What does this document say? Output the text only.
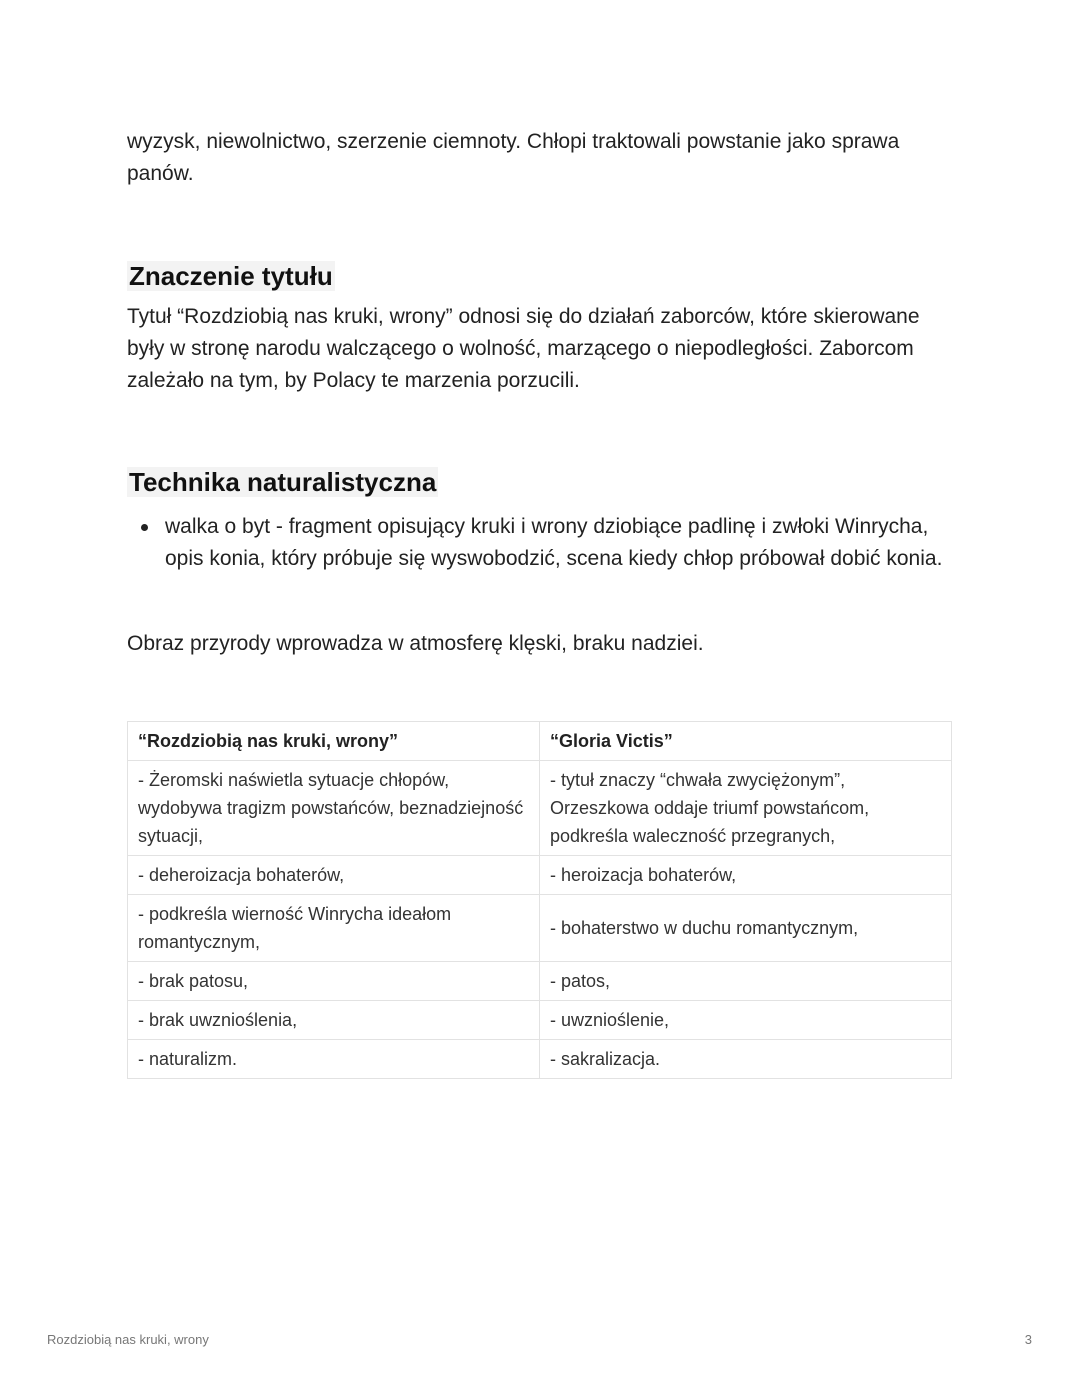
wyzysk, niewolnictwo, szerzenie ciemnoty. Chłopi traktowali powstanie jako sprawa panów.

Znaczenie tytułu

Tytuł “Rozdziobią nas kruki, wrony” odnosi się do działań zaborców, które skierowane były w stronę narodu walczącego o wolność, marzącego o niepodległości. Zaborcom zależało na tym, by Polacy te marzenia porzucili.

Technika naturalistyczna
walka o byt - fragment opisujący kruki i wrony dziobiące padlinę i zwłoki Winrycha, opis konia, który próbuje się wyswobodzić, scena kiedy chłop próbował dobić konia.

Obraz przyrody wprowadza w atmosferę klęski, braku nadziei.

“Rozdziobią nas kruki, wrony”	“Gloria Victis”
- Żeromski naświetla sytuacje chłopów, wydobywa tragizm powstańców, beznadziejność sytuacji,	- tytuł znaczy “chwała zwyciężonym”, Orzeszkowa oddaje triumf powstańcom, podkreśla waleczność przegranych,
- deheroizacja bohaterów,	- heroizacja bohaterów,
- podkreśla wierność Winrycha ideałom romantycznym,	- bohaterstwo w duchu romantycznym,
- brak patosu,	- patos,
- brak uwznioślenia,	- uwznioślenie,
- naturalizm.	- sakralizacja.
Rozdziobią nas kruki, wrony	3
